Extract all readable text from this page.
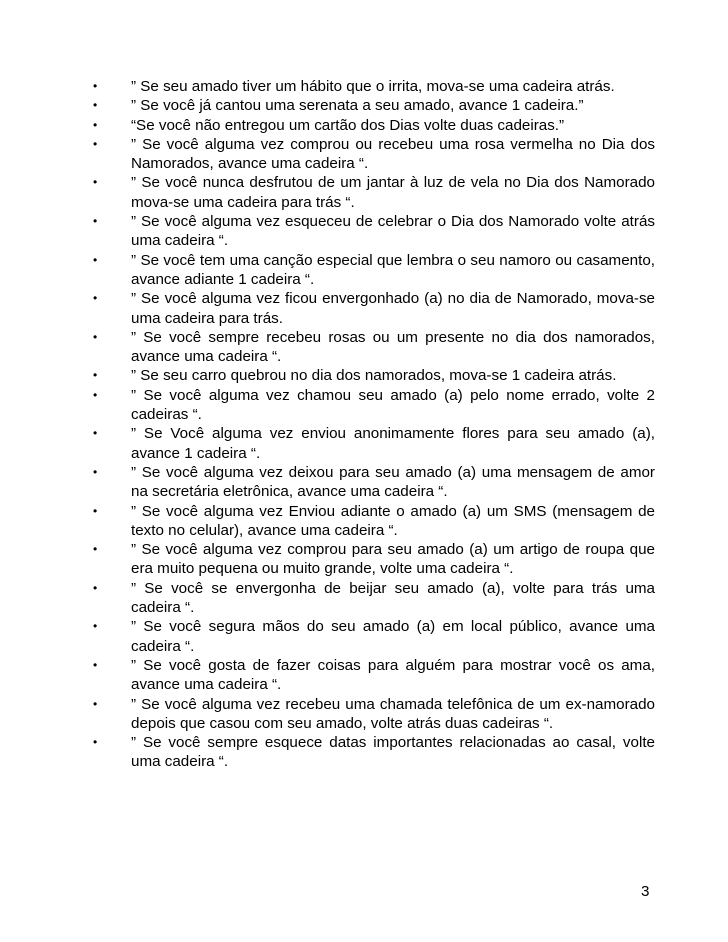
•	” Se seu amado tiver um hábito que o irrita, mova-se uma cadeira atrás.
•	” Se você já cantou uma serenata a seu amado, avance 1 cadeira.”
•	“Se você não entregou um cartão dos Dias volte duas cadeiras.”
•	” Se você alguma vez comprou ou recebeu uma rosa vermelha no Dia dos Namorados, avance uma cadeira “.
•	” Se você nunca desfrutou de um jantar à luz de vela no Dia dos Namorado mova-se uma cadeira para trás “.
•	” Se você alguma vez esqueceu de celebrar o Dia dos Namorado volte atrás uma cadeira “.
•	” Se você tem uma canção especial que lembra o seu namoro ou casamento, avance adiante 1 cadeira “.
•	” Se você alguma vez ficou envergonhado (a) no dia de Namorado, mova-se uma cadeira para trás.
•	” Se você sempre recebeu rosas ou um presente no dia dos namorados, avance uma cadeira “.
•	” Se seu carro quebrou no dia dos namorados, mova-se 1 cadeira atrás.
•	” Se você alguma vez chamou seu amado (a) pelo nome errado, volte 2 cadeiras “.
•	” Se Você alguma vez enviou anonimamente flores para seu amado (a), avance 1 cadeira “.
•	” Se você alguma vez deixou para seu amado (a) uma mensagem de amor na secretária eletrônica, avance uma cadeira “.
•	” Se você alguma vez Enviou adiante o amado (a) um SMS (mensagem de texto no celular), avance uma cadeira “.
•	” Se você alguma vez comprou para seu amado (a) um artigo de roupa que era muito pequena ou muito grande, volte uma cadeira “.
•	” Se você se envergonha de beijar seu amado (a), volte para trás uma cadeira “.
•	” Se você segura mãos do seu amado (a) em local público, avance uma cadeira “.
•	” Se você gosta de fazer coisas para alguém para mostrar você os ama, avance uma cadeira “.
•	” Se você alguma vez recebeu uma chamada telefônica de um ex-namorado depois que casou com seu amado, volte atrás duas cadeiras “.
•	” Se você sempre esquece datas importantes relacionadas ao casal, volte uma cadeira “.
3
